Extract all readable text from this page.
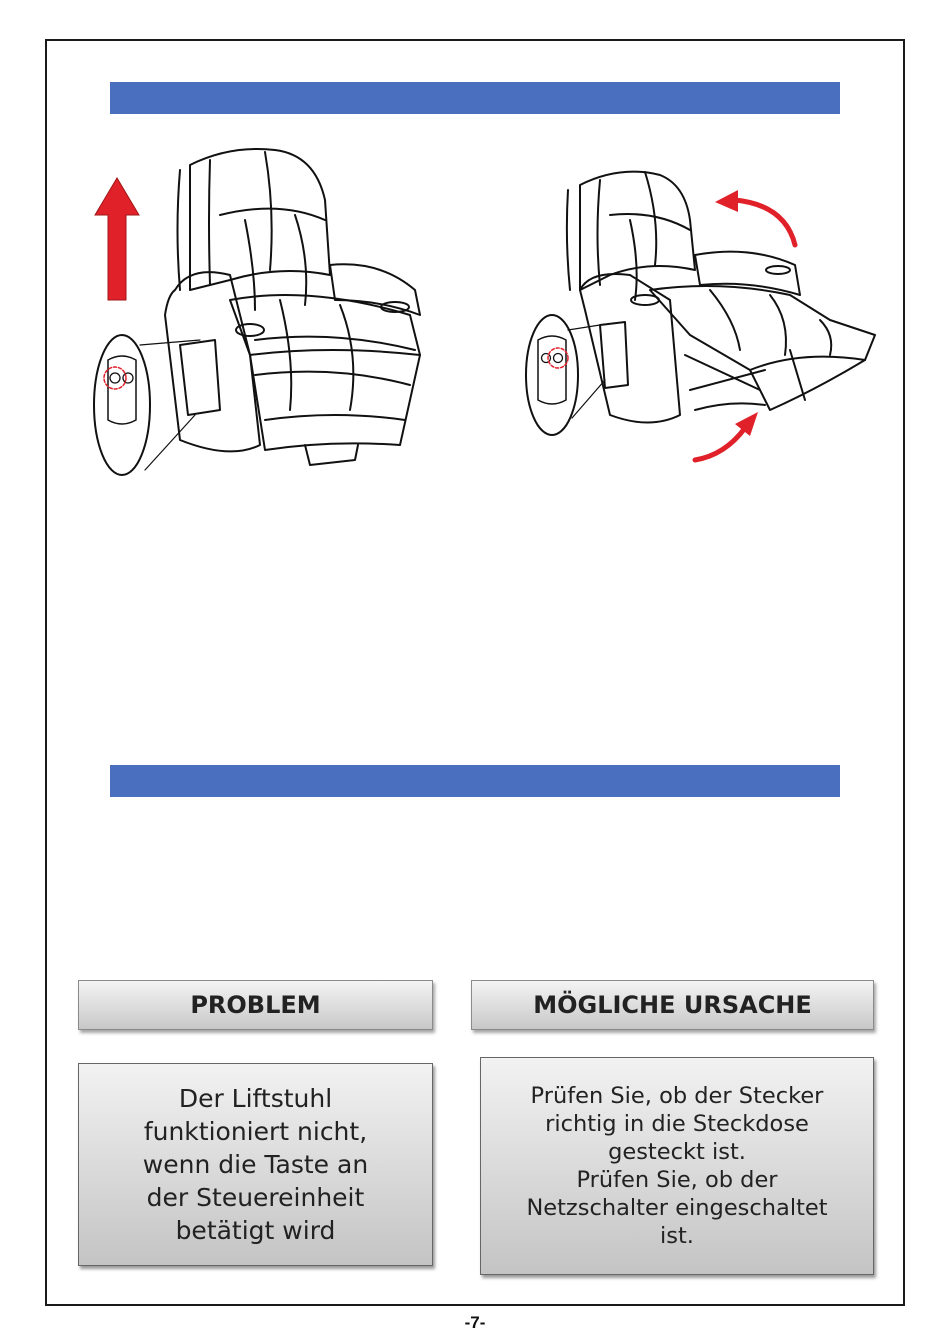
PROBLEM	MÖGLICHE URSACHE
Der Liftstuhl
funktioniert nicht,
wenn die Taste an
der Steuereinheit
betätigt wird
Prüfen Sie, ob der Stecker
richtig in die Steckdose
gesteckt ist.
Prüfen Sie, ob der
Netzschalter eingeschaltet
ist.
-7-
